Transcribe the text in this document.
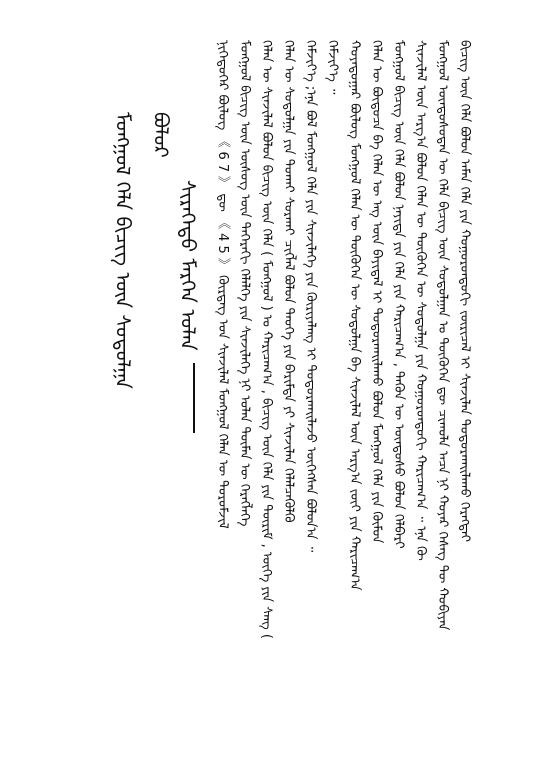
ᠮᠣᠩᠭᠣᠯ ᠬᠡᠯᠡ ᠪᠢᠴᠢᠭ᠌ ᠦᠨ ᠰᠤᠳᠤᠯᠭᠠ ᠪᠣᠯᠣᠷ
ᠰᠢᠷᠡᠭᠡᠳᠦ ᠮᠡᠷᠭᠡᠨ ᠤᠯᠠᠨ ᠨᠢᠭᠡᠳᠦᠭᠡᠷ ᠪᠦᠯᠦᠭ 《 6 7 》 ᠳᠦ 《 4 5 》 ᠬᠦᠷᠳᠡᠭ ᠤᠨ ᠰᠢᠨᠵᠢᠯᠡᠯ ᠮᠣᠩᠭᠣᠯ ᠬᠡᠯᠡᠨ ᠦ ᠳᠣᠷᠣᠮᠵᠢᠯ ᠮᠣᠩᠭᠣᠯ ᠪᠢᠴᠢᠭ᠌ ᠦᠨ ᠦᠰᠦᠭ ᠦᠨ ᠳᠡᠭᠡᠷᠡᠬᠢ ᠬᠡᠯᠡᠯᠭᠡ ᠶᠢᠨ ᠰᠢᠨᠵᠢᠯᠡᠭᠡ ᠨᠢ ᠣᠯᠠᠨ ᠲᠦᠮᠡᠨ ᠦ ᠬᠡᠷᠡᠭᠯᠡᠭᠡ ᠬᠡᠯᠡᠨ ᠦ ᠰᠢᠨᠵᠢᠯᠡᠯ ᠪᠣᠯᠣᠨ ᠪᠢᠴᠢᠭ᠌ ᠦᠨ ᠬᠡᠯᠡ ( ᠮᠣᠩᠭᠣᠯ ) ᠤ ᠬᠠᠷᠢᠴᠠᠭ᠎ᠠ , ᠪᠢᠴᠢᠭ᠌ ᠦᠨ ᠬᠡᠯᠡ ᠶᠢᠨ ᠳᠦᠷᠢᠮ , ᠦᠭᠡ ᠶᠢᠨ ᠰᠠᠩ ( ᠬᠡᠯᠡᠨ ᠦ ᠰᠤᠳᠤᠯᠭᠠ ᠶᠢᠨ ᠲᠤᠬᠠᠢ ᠰᠤᠷᠬᠠᠢ ᠴᠢᠭᠯᠡᠯ ᠪᠣᠯᠣᠨ ᠲᠡᠦᠬᠡ ᠶᠢᠨ ᠪᠠᠷᠢᠮᠲᠠ ᠶᠢ ᠰᠢᠨᠵᠢᠯᠡᠨ ᠬᠡᠯᠡᠯᠴᠡᠭᠦᠯᠬᠦ ᠬᠡᠮᠵᠢᠶ᠎ᠡ ;ᠡᠨᠡ ᠪᠣᠯ ᠮᠣᠩᠭᠣᠯ ᠬᠡᠯᠡ ᠶᠢᠨ ᠰᠢᠨᠵᠢᠯᠡᠭᠡ ᠶᠢᠨ ᠬᠦᠷᠢᠶᠡᠯᠡᠩ ᠢ ᠲᠣᠳᠣᠷᠬᠠᠢᠯᠠᠵᠤ ᠦᠭᠡᠭᠰᠡᠨ ᠪᠣᠯᠤᠨ᠎ᠠ ᠃ ᠬᠡᠮᠵᠢᠶ᠎ᠡ ᠃ ᠬᠣᠶᠠᠳᠤᠭᠠᠷ ᠪᠦᠯᠦᠭ ᠮᠣᠩᠭᠣᠯ ᠬᠡᠯᠡᠨ ᠦ ᠲᠦᠭᠦᠬᠡᠨ ᠦ ᠰᠤᠳᠤᠯᠭᠠ ᠪᠠ ᠰᠢᠨᠵᠢᠯᠡᠯ ᠦᠨ ᠠᠷᠭ᠎ᠠ ᠵᠦᠢ ᠶᠢᠨ ᠬᠠᠷᠢᠴᠠᠭ᠎ᠠ ᠬᠡᠯᠡᠨ ᠦ ᠪᠦᠲᠦᠴᠡ ᠪᠠ ᠬᠡᠯᠡᠨ ᠦ ᠡᠩ ᠦᠨ ᠪᠠᠶᠢᠳᠠᠯ ᠢ ᠲᠣᠳᠣᠷᠬᠠᠢᠯᠠᠬᠤ ᠪᠣᠯᠤᠨ ᠮᠣᠩᠭᠣᠯ ᠬᠡᠯᠡ ᠶᠢᠨ ᠬᠦᠮᠦᠨ ᠮᠣᠩᠭᠣᠯ ᠪᠢᠴᠢᠭ᠌ ᠦᠨ ᠬᠡᠯᠡ ᠪᠣᠯᠣᠨ ᠨᠡᠶᠢᠲᠡ ᠶᠢᠨ ᠬᠡᠯᠡ ᠶᠢᠨ ᠬᠠᠷᠢᠴᠠᠭ᠎ᠠ , ᠲᠡᠭᠦᠨ ᠦ ᠦᠨᠳᠦᠰᠦ ᠪᠣᠯᠣᠨ ᠬᠡᠯᠪᠡᠷᠢ ᠰᠢᠨᠵᠢᠯᠡᠯ ᠦᠨ ᠠᠷᠭ᠎ᠠ ᠪᠣᠯᠣᠨ ᠬᠡᠯᠡᠨ ᠦ ᠲᠦᠭᠦᠬᠡᠨ ᠦ ᠰᠤᠳᠤᠯᠭᠠ ᠶᠢᠨ ᠬᠣᠭᠣᠷᠤᠨᠳᠤᠬᠢ ᠬᠠᠷᠢᠴᠠᠭ᠎ᠠ ᠃ ᠡᠨᠡ ᠬᠦ ᠮᠣᠩᠭᠣᠯ ᠦᠨᠳᠦᠰᠦᠲᠡᠨ ᠦ ᠬᠡᠯᠡ ᠪᠢᠴᠢᠭ᠌ ᠦᠨ ᠰᠤᠳᠤᠯᠭᠠᠨ ᠤ ᠲᠦᠭᠦᠬᠡᠨ ᠳᠦ ᠴᠢᠬᠤᠯᠠ ᠠᠴᠠ ᠨᠢ ᠬᠣᠶᠠᠷ ᠬᠡᠰᠡᠭ ᠲᠦ ᠬᠤᠪᠢᠶᠠᠨ ᠪᠢᠴᠢᠭ᠌ ᠦᠨ ᠬᠡᠯᠡ ᠪᠣᠯᠣᠨ ᠠᠮᠠᠨ ᠬᠡᠯᠡ ᠶᠢᠨ ᠬᠣᠭᠣᠷᠤᠨᠳᠤᠬᠢ ᠵᠥᠷᠢᠴᠡᠯ ᠢ ᠰᠢᠨᠵᠢᠯᠡᠨ ᠲᠣᠳᠣᠷᠬᠠᠢᠯᠠᠬᠤ ᠬᠡᠷᠡᠭᠲᠡᠢ
